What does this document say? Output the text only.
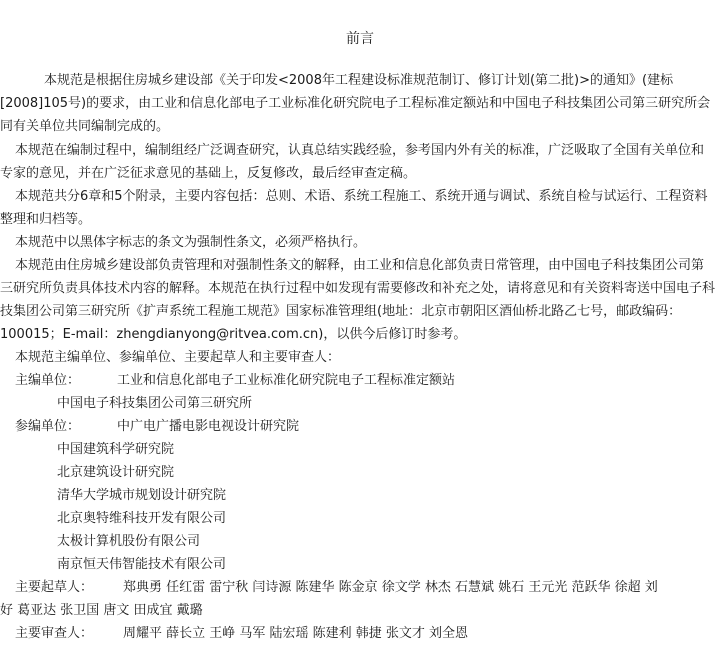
前言

本规范是根据住房城乡建设部《关于印发<2008年工程建设标准规范制订、修订计划(第二批)>的通知》(建标[2008]105号)的要求，由工业和信息化部电子工业标准化研究院电子工程标准定额站和中国电子科技集团公司第三研究所会同有关单位共同编制完成的。

本规范在编制过程中，编制组经广泛调查研究，认真总结实践经验，参考国内外有关的标准，广泛吸取了全国有关单位和专家的意见，并在广泛征求意见的基础上，反复修改，最后经审查定稿。

本规范共分6章和5个附录，主要内容包括：总则、术语、系统工程施工、系统开通与调试、系统自检与试运行、工程资料整理和归档等。

本规范中以黑体字标志的条文为强制性条文，必须严格执行。

本规范由住房城乡建设部负责管理和对强制性条文的解释，由工业和信息化部负责日常管理，由中国电子科技集团公司第三研究所负责具体技术内容的解释。本规范在执行过程中如发现有需要修改和补充之处，请将意见和有关资料寄送中国电子科技集团公司第三研究所《扩声系统工程施工规范》国家标准管理组(地址：北京市朝阳区酒仙桥北路乙七号，邮政编码：100015；E-mail：zhengdianyong@ritvea.com.cn)，以供今后修订时参考。

本规范主编单位、参编单位、主要起草人和主要审查人：

主编单位：	工业和信息化部电子工业标准化研究院电子工程标准定额站
中国电子科技集团公司第三研究所
参编单位：	中广电广播电影电视设计研究院
中国建筑科学研究院
北京建筑设计研究院
清华大学城市规划设计研究院
北京奥特维科技开发有限公司
太极计算机股份有限公司
南京恒天伟智能技术有限公司
主要起草人： 郑典勇 任红雷 雷宁秋 闫诗源 陈建华 陈金京 徐文学 林杰 石慧斌 姚石 王元光 范跃华 徐超 刘
好 葛亚达 张卫国 唐文 田成宜 戴璐
主要审查人： 周耀平 薛长立 王峥 马军 陆宏瑶 陈建利 韩捷 张文才 刘全恩
